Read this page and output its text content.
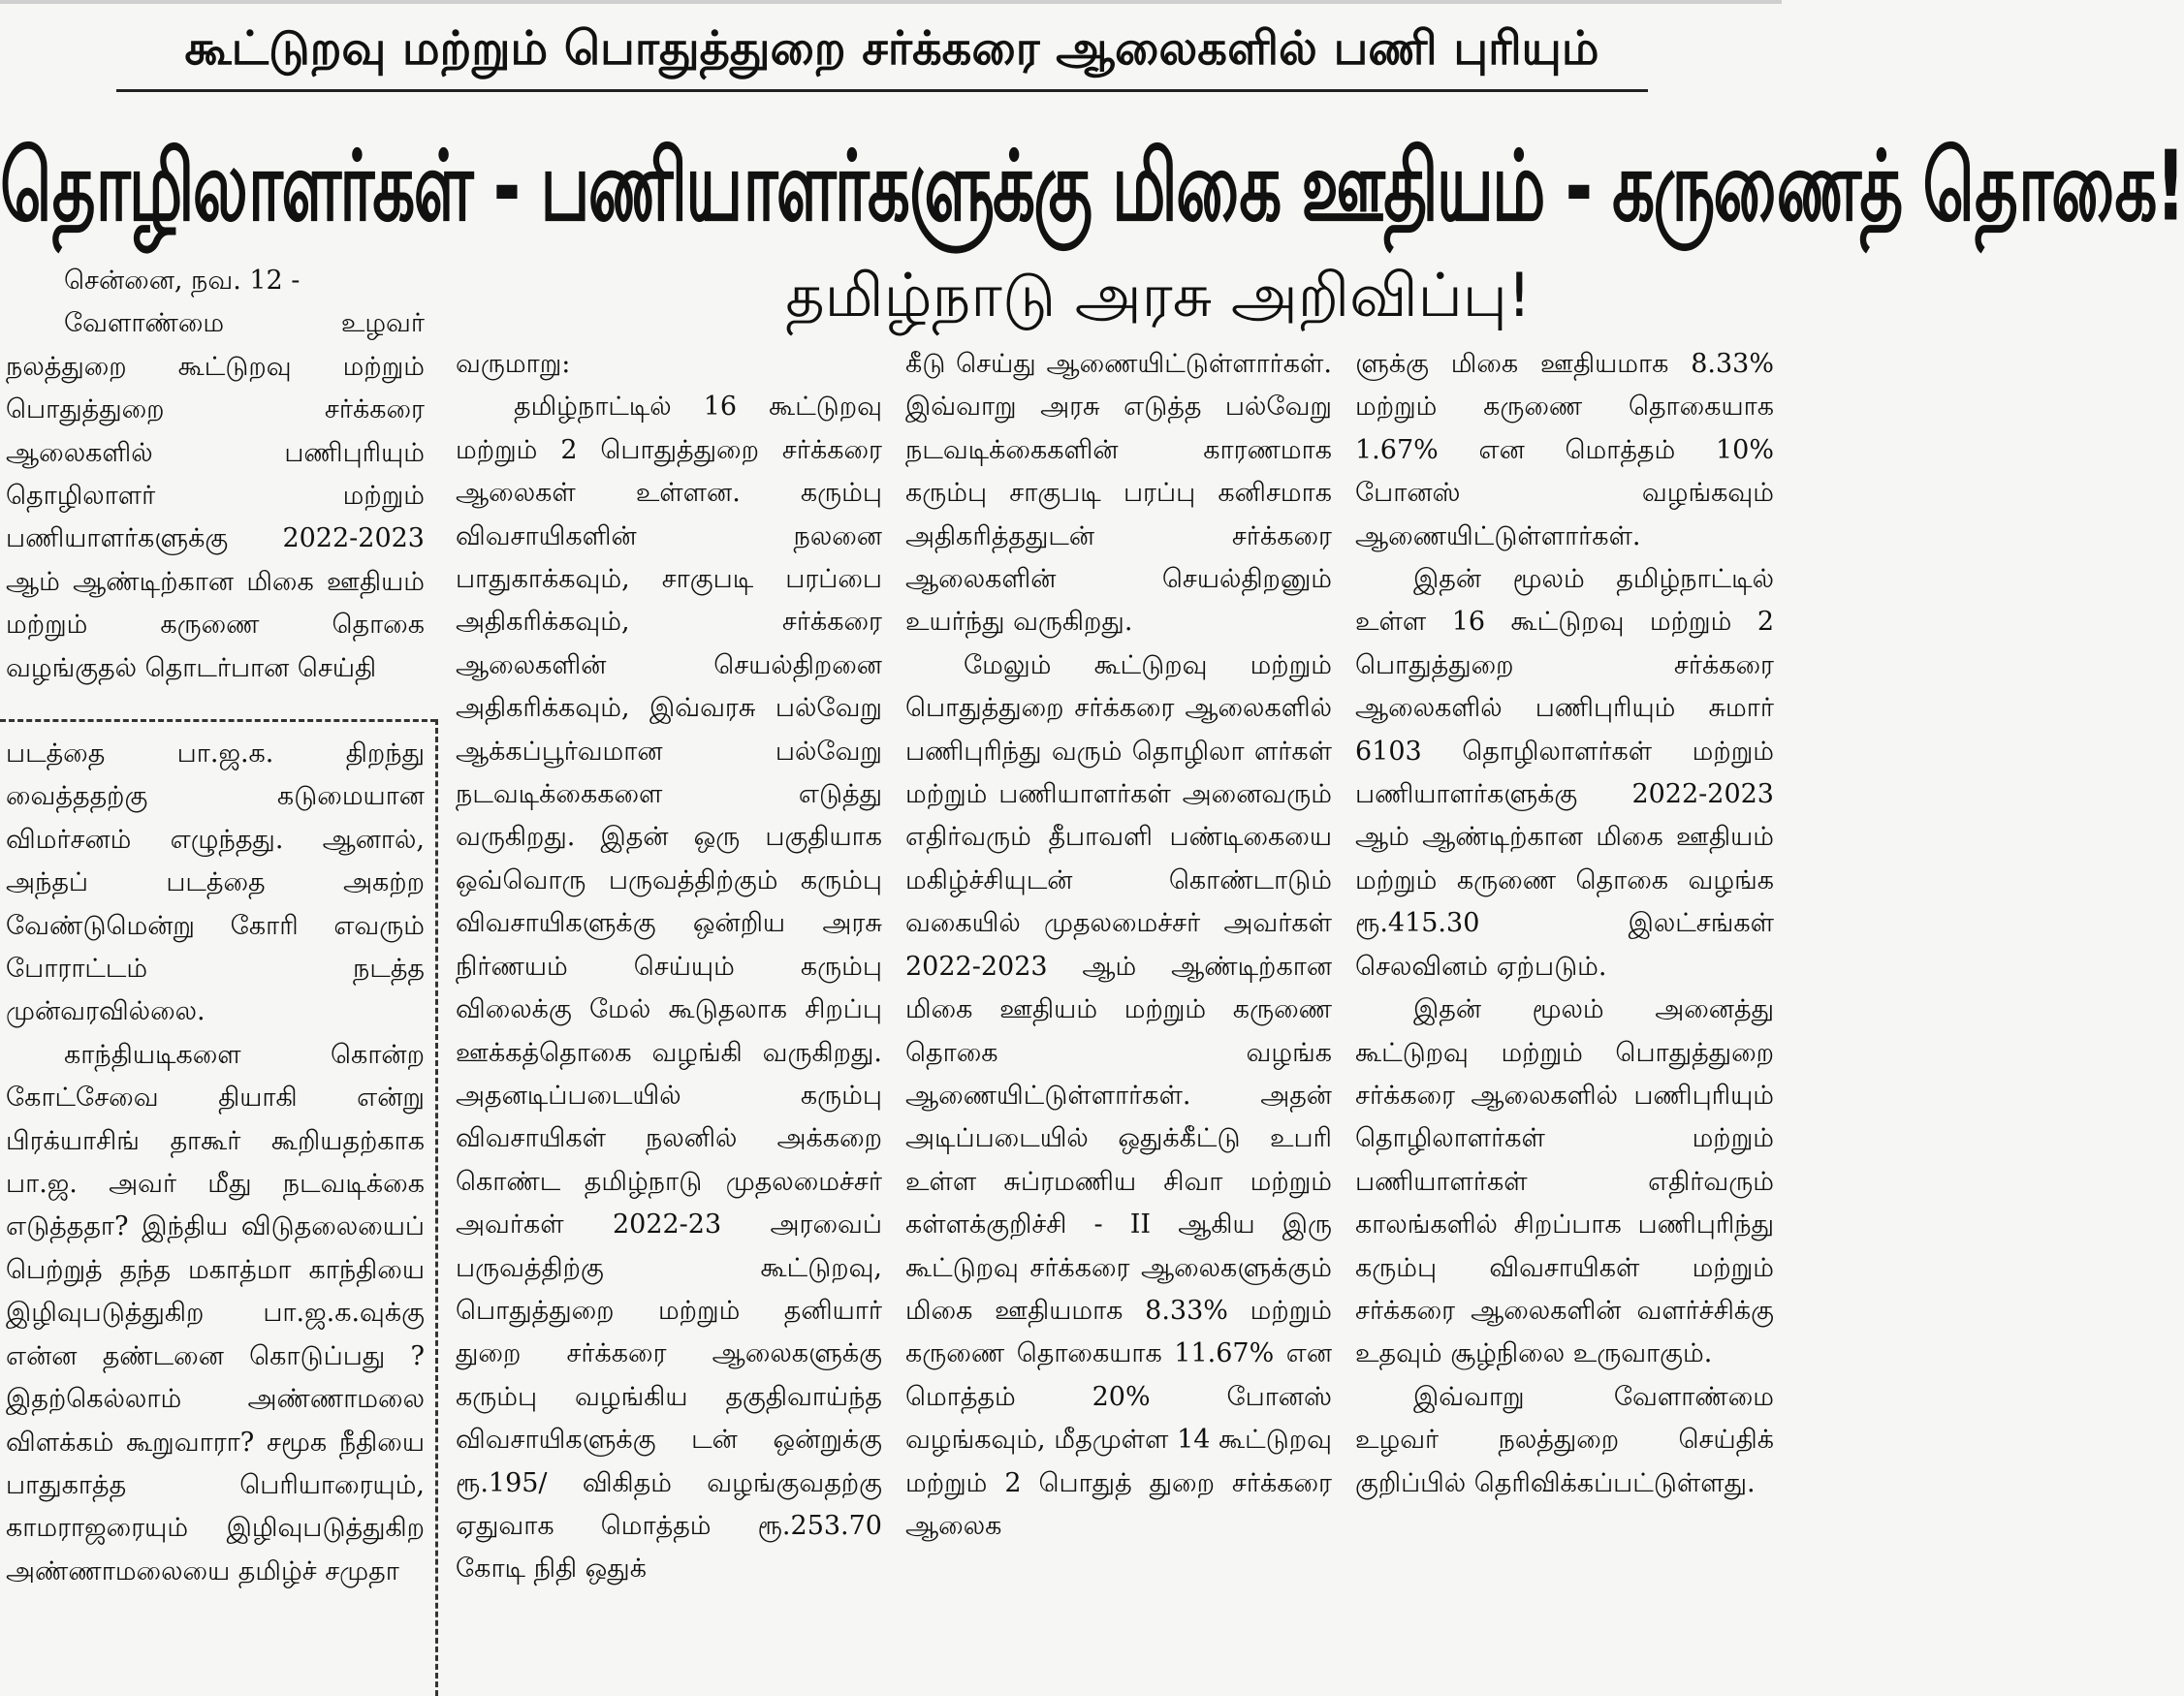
கூட்டுறவு மற்றும் பொதுத்துறை சர்க்கரை ஆலைகளில் பணி புரியும்
தொழிலாளர்கள் - பணியாளர்களுக்கு மிகை ஊதியம் - கருணைத் தொகை!
தமிழ்நாடு அரசு அறிவிப்பு!

சென்னை, நவ. 12 -

வேளாண்மை உழவர் நலத்துறை கூட்டுறவு மற்றும் பொதுத்துறை சர்க்கரை ஆலைகளில் பணிபுரியும் தொழிலாளர் மற்றும் பணியாளர்களுக்கு 2022-2023 ஆம் ஆண்டிற்கான மிகை ஊதியம் மற்றும் கருணை தொகை வழங்குதல் தொடர்பான செய்தி

படத்தை பா.ஜ.க. திறந்து வைத்ததற்கு கடுமையான விமர்சனம் எழுந்தது. ஆனால், அந்தப் படத்தை அகற்ற வேண்டுமென்று கோரி எவரும் போராட்டம் நடத்த முன்வரவில்லை.

காந்தியடிகளை கொன்ற கோட்சேவை தியாகி என்று பிரக்யாசிங் தாகூர் கூறியதற்காக பா.ஜ. அவர் மீது நடவடிக்கை எடுத்ததா? இந்திய விடுதலையைப் பெற்றுத் தந்த மகாத்மா காந்தியை இழிவுபடுத்துகிற பா.ஜ.க.வுக்கு என்ன தண்டனை கொடுப்பது ? இதற்கெல்லாம் அண்ணாமலை விளக்கம் கூறுவாரா? சமூக நீதியை பாதுகாத்த பெரியாரையும், காமராஜரையும் இழிவுபடுத்துகிற அண்ணாமலையை தமிழ்ச் சமுதா

வருமாறு:

தமிழ்நாட்டில் 16 கூட்டுறவு மற்றும் 2 பொதுத்துறை சர்க்கரை ஆலைகள் உள்ளன. கரும்பு விவசாயிகளின் நலனை பாதுகாக்கவும், சாகுபடி பரப்பை அதிகரிக்கவும், சர்க்கரை ஆலைகளின் செயல்திறனை அதிகரிக்கவும், இவ்வரசு பல்வேறு ஆக்கப்பூர்வமான பல்வேறு நடவடிக்கைகளை எடுத்து வருகிறது. இதன் ஒரு பகுதியாக ஒவ்வொரு பருவத்திற்கும் கரும்பு விவசாயிகளுக்கு ஒன்றிய அரசு நிர்ணயம் செய்யும் கரும்பு விலைக்கு மேல் கூடுதலாக சிறப்பு ஊக்கத்தொகை வழங்கி வருகிறது. அதனடிப்படையில் கரும்பு விவசாயிகள் நலனில் அக்கறை கொண்ட தமிழ்நாடு முதலமைச்சர் அவர்கள் 2022-23 அரவைப் பருவத்திற்கு கூட்டுறவு, பொதுத்துறை மற்றும் தனியார் துறை சர்க்கரை ஆலைகளுக்கு கரும்பு வழங்கிய தகுதிவாய்ந்த விவசாயிகளுக்கு டன் ஒன்றுக்கு ரூ.195/ விகிதம் வழங்குவதற்கு ஏதுவாக மொத்தம் ரூ.253.70 கோடி நிதி ஒதுக்

கீடு செய்து ஆணையிட்டுள்ளார்கள். இவ்வாறு அரசு எடுத்த பல்வேறு நடவடிக்கைகளின் காரணமாக கரும்பு சாகுபடி பரப்பு கனிசமாக அதிகரித்ததுடன் சர்க்கரை ஆலைகளின் செயல்திறனும் உயர்ந்து வருகிறது.

மேலும் கூட்டுறவு மற்றும் பொதுத்துறை சர்க்கரை ஆலைகளில் பணிபுரிந்து வரும் தொழிலா ளர்கள் மற்றும் பணியாளர்கள் அனைவரும் எதிர்வரும் தீபாவளி பண்டிகையை மகிழ்ச்சியுடன் கொண்டாடும் வகையில் முதலமைச்சர் அவர்கள் 2022-2023 ஆம் ஆண்டிற்கான மிகை ஊதியம் மற்றும் கருணை தொகை வழங்க ஆணையிட்டுள்ளார்கள். அதன் அடிப்படையில் ஒதுக்கீட்டு உபரி உள்ள சுப்ரமணிய சிவா மற்றும் கள்ளக்குறிச்சி - II ஆகிய இரு கூட்டுறவு சர்க்கரை ஆலைகளுக்கும் மிகை ஊதியமாக 8.33% மற்றும் கருணை தொகையாக 11.67% என மொத்தம் 20% போனஸ் வழங்கவும், மீதமுள்ள 14 கூட்டுறவு மற்றும் 2 பொதுத் துறை சர்க்கரை ஆலைக

ளுக்கு மிகை ஊதியமாக 8.33% மற்றும் கருணை தொகையாக 1.67% என மொத்தம் 10% போனஸ் வழங்கவும் ஆணையிட்டுள்ளார்கள்.

இதன் மூலம் தமிழ்நாட்டில் உள்ள 16 கூட்டுறவு மற்றும் 2 பொதுத்துறை சர்க்கரை ஆலைகளில் பணிபுரியும் சுமார் 6103 தொழிலாளர்கள் மற்றும் பணியாளர்களுக்கு 2022-2023 ஆம் ஆண்டிற்கான மிகை ஊதியம் மற்றும் கருணை தொகை வழங்க ரூ.415.30 இலட்சங்கள் செலவினம் ஏற்படும்.

இதன் மூலம் அனைத்து கூட்டுறவு மற்றும் பொதுத்துறை சர்க்கரை ஆலைகளில் பணிபுரியும் தொழிலாளர்கள் மற்றும் பணியாளர்கள் எதிர்வரும் காலங்களில் சிறப்பாக பணிபுரிந்து கரும்பு விவசாயிகள் மற்றும் சர்க்கரை ஆலைகளின் வளர்ச்சிக்கு உதவும் சூழ்நிலை உருவாகும்.

இவ்வாறு வேளாண்மை உழவர் நலத்துறை செய்திக் குறிப்பில் தெரிவிக்கப்பட்டுள்ளது.
